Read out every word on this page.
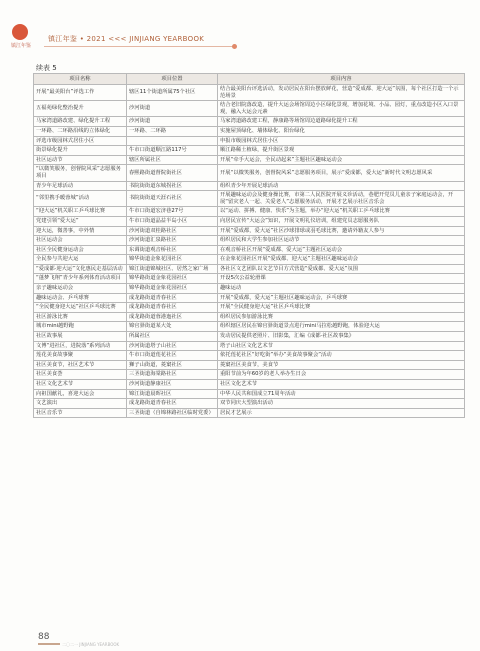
镇江年鉴
镇江年鉴 • 2021 <<< JINJIANG YEARBOOK
续表 5
项目名称	项目位置	项目内容
开展“最美阳台”评选工作	辖区11个街道所属75个社区	结合最美阳台评选活动，发动居民在阳台摆放鲜花，营造“爱成都、迎大运”氛围，每个社区打造一个示范场景
五福苑绿化整治提升	沙河街道	结合老旧院落改造，提升大运会场馆周边小区绿化景观，增加花境、小品、园灯，重点改造小区入口景观，融入大运会元素
马家湾道路改建、绿化提升工程	沙河街道	马家湾道路改建工程，静康路等场馆周边道路绿化提升工程
一环路、二环路沿线的立体绿化	一环路、二环路	实施屋顶绿化、墙体绿化、阳台绿化
评选市级园林式居住小区		申报市级园林式居住小区
街景绿化提升	牛市口街道顺江路117号	顺江路稀土植绿，提升街区景观
社区运动节	辖区所属社区	开展“牵手大运会，全民动起来”主题社区趣味运动会
“以微笑服务，创督院风采”志愿服务项目	春熙路街道督院街社区	开展“以微笑服务，创督院风采”志愿服务项目，展示“爱成都，爱大运”新时代文明志愿风采
青少年足球活动	书院街街道东城拐社区	组织青少年开展足球活动
“邻里携手暖蓉城”活动	书院街街道天涯石社区	开展趣味运动会及健身操比赛，市第二人民医院开展义诊活动，巷肥开党员儿童亲子家庭运动会，开展“留灾老人一起、关爱老人”志愿服务活动，开展才艺展示社区音乐会
“迎大运”机关职工乒乓球比赛	牛市口街道宏济巷27号	以“运动、拼搏、健康、快乐”为主题，举办“迎大运”机关职工乒乓球比赛
党建引领“爱大运”	牛市口街道晶益半岛小区	向居民宣传“大运会”知识，开展文明礼仪培训，组建党员志愿服务队
迎大运，微善事，中外情	沙河街道双桂路社区	开展“爱成都，爱大运”社区沙球排球或羽毛球比赛，邀请外籍友人参与
社区运动会	沙河街道汇泉路社区	组织居民和大学生参加社区运动节
社区全民健身运动会	东调街道观音桥社区	在观音桥社区开展“爱成都、爱大运”主题社区运动会
全民参与共迎大运	锦华街道金象花园社区	在金象花园社区开展“爱成都、迎大运”主题社区趣味运动会
“爱成都·迎大运”文化惠民走基层活动	锦江街道锦城社区、居然之家广场	各社区文艺团队以文艺节目方式营造“爱成都、爱大运”氛围
“蓬梦飞翔”青少年系列体育活动项目	锦华路街道金象花园社区	开设5次公益轮滑课
亲子趣味运动会	锦华路街道金象花园社区	趣味运动
趣味运动会、乒乓球赛	成龙路街道青春社区	开展“爱成都，爱大运”主题社区趣味运动会，乒乓球赛
“全民健身迎大运”社区乒乓球比赛	成龙路街道青春社区	开展“全民健身迎大运”社区乒乓球比赛
社区游泳比赛	成龙路街道蓉港迤社区	组织居民参加游泳比赛
城市mini越野跑	锦官驿街道某大处	组织辖区居民在锦官驿街道景点进行mini马拉松越野跑，体验迎大运
社区故事展	所属社区	发动居民提供老照片、旧影集，汇编《成都·社区故事集》
文博“进社区，进院落”系列活动	沙河街道塔子山社区	塔子山社区文化艺术节
莲花美食故事聚	牛市口街道莲花社区	依托莲花社区“好吃街”举办“美食故事聚会”活动
社区美食节，社区艺术节	狮子山街道，菱窠社区	菱窠社区美食节，美食节
社区美食荟	三圣街道海棠路社区	重阳节前为年60岁的老人举办生日会
社区文化艺术节	沙河街道静康社区	社区文化艺术节
向祖国献礼，喜迎大运会	锦江街道晨晖社区	中华人民共和国成立71周年活动
文艺演出	成龙路街道青春社区	双节同庆大型演出活动
社区音乐节	三圣街道（自锦林路社区临时党委）	居民才艺展示
88
二〇二一 JINJIANG YEARBOOK
